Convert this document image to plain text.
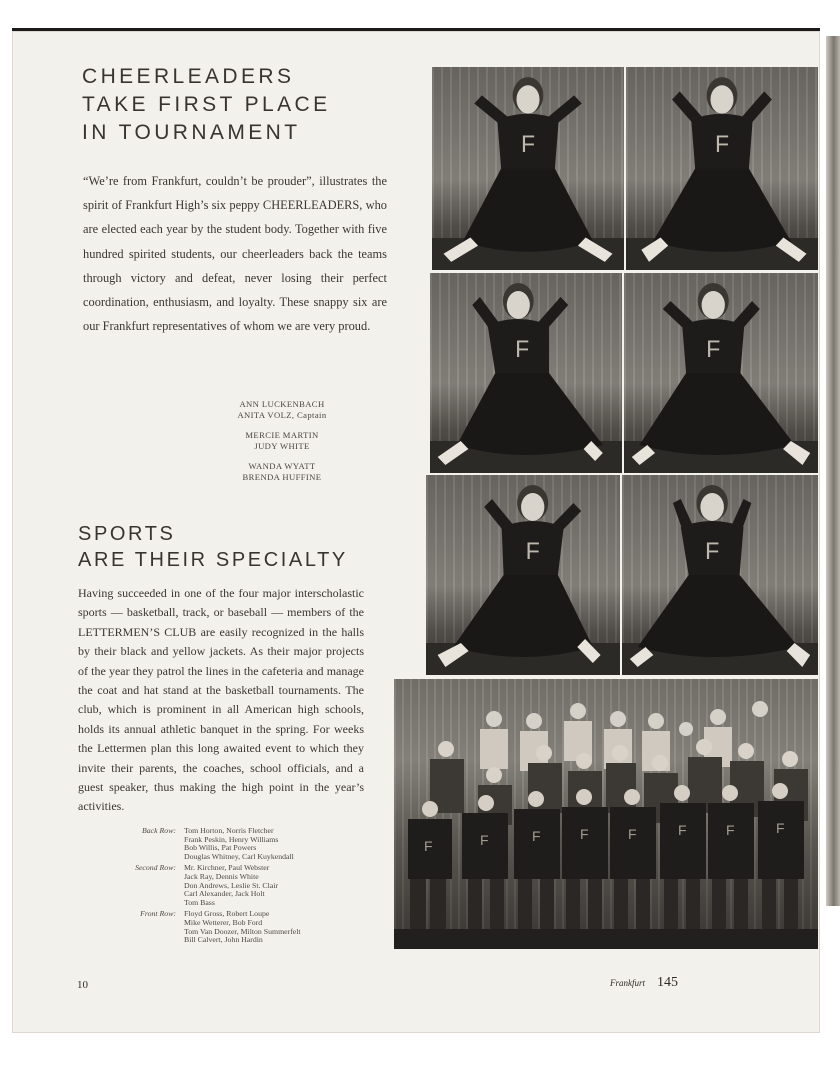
CHEERLEADERS
TAKE FIRST PLACE
IN TOURNAMENT

“We’re from Frankfurt, couldn’t be prouder”, illustrates the spirit of Frankfurt High’s six peppy CHEERLEADERS, who are elected each year by the student body. Together with five hundred spirited students, our cheerleaders back the teams through victory and defeat, never losing their perfect coordination, enthusiasm, and loyalty. These snappy six are our Frankfurt representatives of whom we are very proud.

ANN LUCKENBACH
ANITA VOLZ, Captain
MERCIE MARTIN
JUDY WHITE
WANDA WYATT
BRENDA HUFFINE
SPORTS
ARE THEIR SPECIALTY

Having succeeded in one of the four major interscholastic sports — basketball, track, or baseball — members of the LETTERMEN’S CLUB are easily recognized in the halls by their black and yellow jackets. As their major projects of the year they patrol the lines in the cafeteria and manage the coat and hat stand at the basketball tournaments. The club, which is prominent in all American high schools, holds its annual athletic banquet in the spring. For weeks the Lettermen plan this long awaited event to which they invite their parents, the coaches, school officials, and a guest speaker, thus making the high point in the year’s activities.

Back Row:	Tom Horton, Norris Fletcher
Frank Peskin, Henry Williams
Bob Willis, Pat Powers
Douglas Whitney, Carl Kuykendall
Second Row:	Mr. Kirchner, Paul Webster
Jack Ray, Dennis White
Don Andrews, Leslie St. Clair
Carl Alexander, Jack Holt
Tom Bass
Front Row:	Floyd Gross, Robert Loupe
Mike Wetterer, Bob Ford
Tom Van Doozer, Milton Summerfelt
Bill Calvert, John Hardin
F	F
F	F
F	F
F	F	F	F	F	F	F	F
10	Frankfurt 145
